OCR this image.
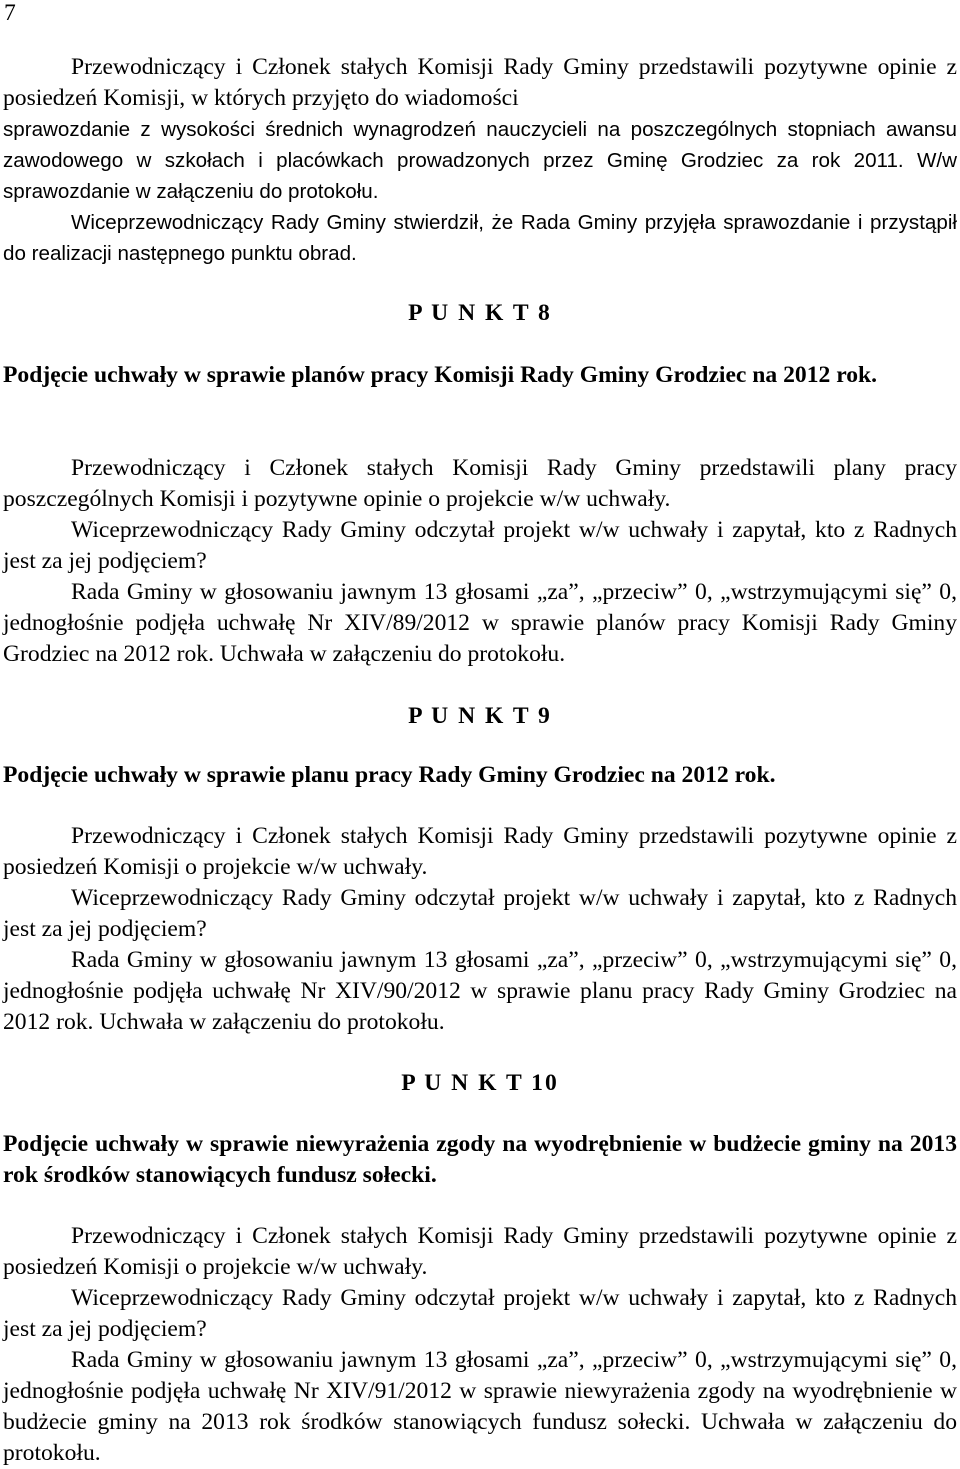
7

Przewodniczący i Członek stałych Komisji Rady Gminy przedstawili pozytywne opinie z posiedzeń Komisji, w których przyjęto do wiadomości

sprawozdanie z wysokości średnich wynagrodzeń nauczycieli na poszczególnych stopniach awansu zawodowego w szkołach i placówkach prowadzonych przez Gminę Grodziec za rok 2011. W/w sprawozdanie w załączeniu do protokołu.

Wiceprzewodniczący Rady Gminy stwierdził, że Rada Gminy przyjęła sprawozdanie i przystąpił do realizacji następnego punktu obrad.

P U N K T 8

Podjęcie uchwały w sprawie planów pracy Komisji Rady Gminy Grodziec na 2012 rok.

Przewodniczący i Członek stałych Komisji Rady Gminy przedstawili plany pracy poszczególnych Komisji i pozytywne opinie o projekcie w/w uchwały.

Wiceprzewodniczący Rady Gminy odczytał projekt w/w uchwały i zapytał, kto z Radnych jest za jej podjęciem?

Rada Gminy w głosowaniu jawnym 13 głosami „za”, „przeciw” 0, „wstrzymującymi się” 0, jednogłośnie podjęła uchwałę Nr XIV/89/2012 w sprawie planów pracy Komisji Rady Gminy Grodziec na 2012 rok. Uchwała w załączeniu do protokołu.

P U N K T 9

Podjęcie uchwały w sprawie planu pracy Rady Gminy Grodziec na 2012 rok.

Przewodniczący i Członek stałych Komisji Rady Gminy przedstawili pozytywne opinie z posiedzeń Komisji o projekcie w/w uchwały.

Wiceprzewodniczący Rady Gminy odczytał projekt w/w uchwały i zapytał, kto z Radnych jest za jej podjęciem?

Rada Gminy w głosowaniu jawnym 13 głosami „za”, „przeciw” 0, „wstrzymującymi się” 0, jednogłośnie podjęła uchwałę Nr XIV/90/2012 w sprawie planu pracy Rady Gminy Grodziec na 2012 rok. Uchwała w załączeniu do protokołu.

P U N K T 10

Podjęcie uchwały w sprawie niewyrażenia zgody na wyodrębnienie w budżecie gminy na 2013 rok środków stanowiących fundusz sołecki.

Przewodniczący i Członek stałych Komisji Rady Gminy przedstawili pozytywne opinie z posiedzeń Komisji o projekcie w/w uchwały.

Wiceprzewodniczący Rady Gminy odczytał projekt w/w uchwały i zapytał, kto z Radnych jest za jej podjęciem?

Rada Gminy w głosowaniu jawnym 13 głosami „za”, „przeciw” 0, „wstrzymującymi się” 0, jednogłośnie podjęła uchwałę Nr XIV/91/2012 w sprawie niewyrażenia zgody na wyodrębnienie w budżecie gminy na 2013 rok środków stanowiących fundusz sołecki. Uchwała w załączeniu do protokołu.
